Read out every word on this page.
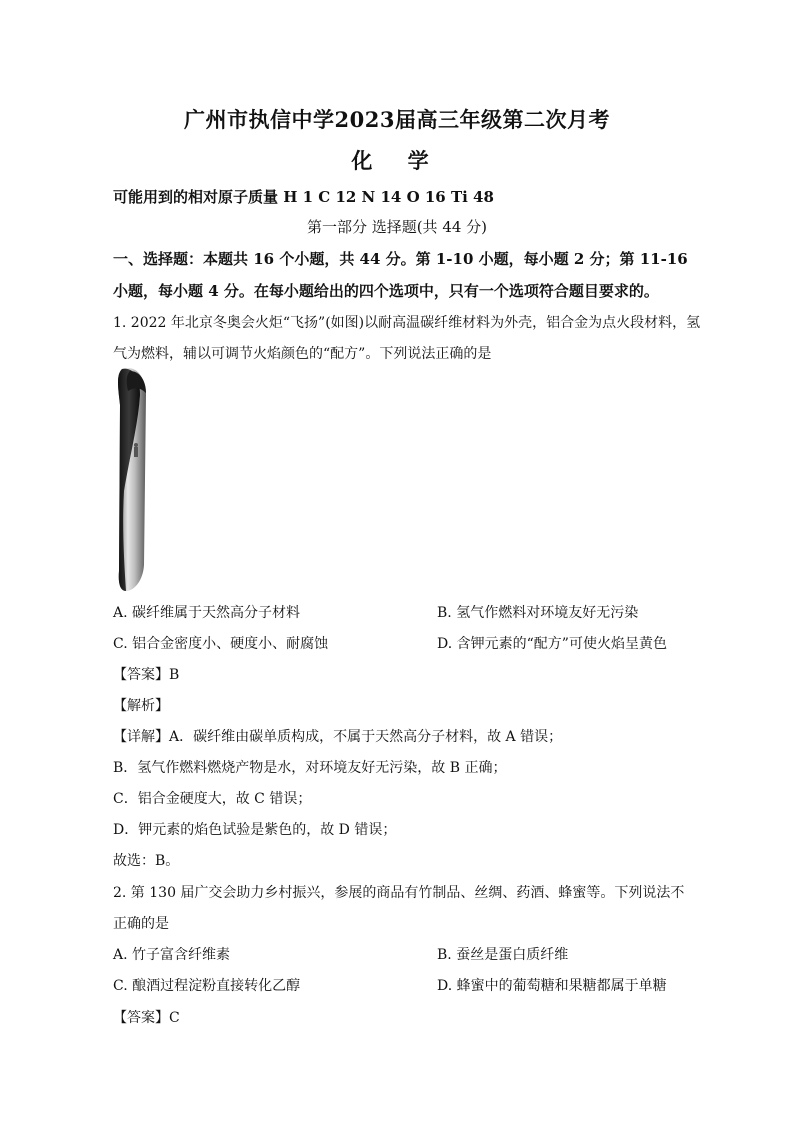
广州市执信中学2023届高三年级第二次月考
化 学
可能用到的相对原子质量 H 1 C 12 N 14 O 16 Ti 48
第一部分 选择题(共 44 分)
一、选择题：本题共 16 个小题，共 44 分。第 1-10 小题，每小题 2 分；第 11-16
小题，每小题 4 分。在每小题给出的四个选项中，只有一个选项符合题目要求的。
1. 2022 年北京冬奥会火炬“飞扬”(如图)以耐高温碳纤维材料为外壳，铝合金为点火段材料，氢
气为燃料，辅以可调节火焰颜色的“配方”。下列说法正确的是
A. 碳纤维属于天然高分子材料	B. 氢气作燃料对环境友好无污染
C. 铝合金密度小、硬度小、耐腐蚀	D. 含钾元素的“配方”可使火焰呈黄色
【答案】B
【解析】
【详解】A．碳纤维由碳单质构成，不属于天然高分子材料，故 A 错误；
B．氢气作燃料燃烧产物是水，对环境友好无污染，故 B 正确；
C．铝合金硬度大，故 C 错误；
D．钾元素的焰色试验是紫色的，故 D 错误；
故选：B。
2. 第 130 届广交会助力乡村振兴，参展的商品有竹制品、丝绸、药酒、蜂蜜等。下列说法不
正确的是
A. 竹子富含纤维素	B. 蚕丝是蛋白质纤维
C. 酿酒过程淀粉直接转化乙醇	D. 蜂蜜中的葡萄糖和果糖都属于单糖
【答案】C
